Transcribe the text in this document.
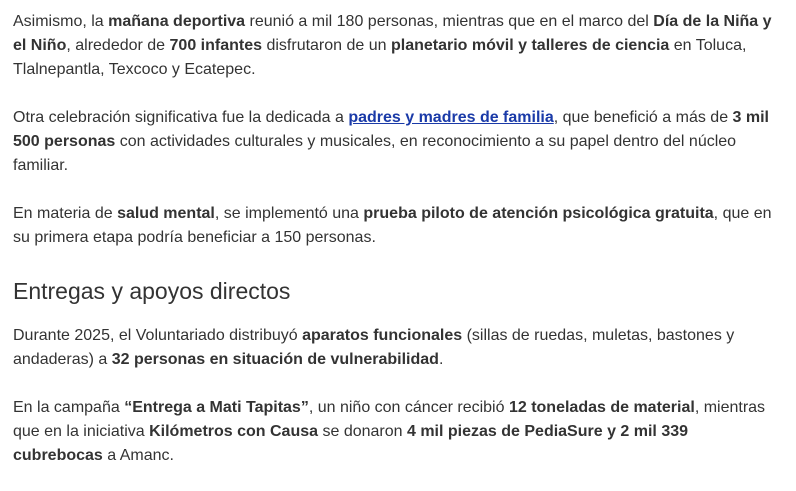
Asimismo, la mañana deportiva reunió a mil 180 personas, mientras que en el marco del Día de la Niña y el Niño, alrededor de 700 infantes disfrutaron de un planetario móvil y talleres de ciencia en Toluca, Tlalnepantla, Texcoco y Ecatepec.

Otra celebración significativa fue la dedicada a padres y madres de familia, que benefició a más de 3 mil 500 personas con actividades culturales y musicales, en reconocimiento a su papel dentro del núcleo familiar.

En materia de salud mental, se implementó una prueba piloto de atención psicológica gratuita, que en su primera etapa podría beneficiar a 150 personas.

Entregas y apoyos directos

Durante 2025, el Voluntariado distribuyó aparatos funcionales (sillas de ruedas, muletas, bastones y andaderas) a 32 personas en situación de vulnerabilidad.

En la campaña “Entrega a Mati Tapitas”, un niño con cáncer recibió 12 toneladas de material, mientras que en la iniciativa Kilómetros con Causa se donaron 4 mil piezas de PediaSure y 2 mil 339 cubrebocas a Amanc.
